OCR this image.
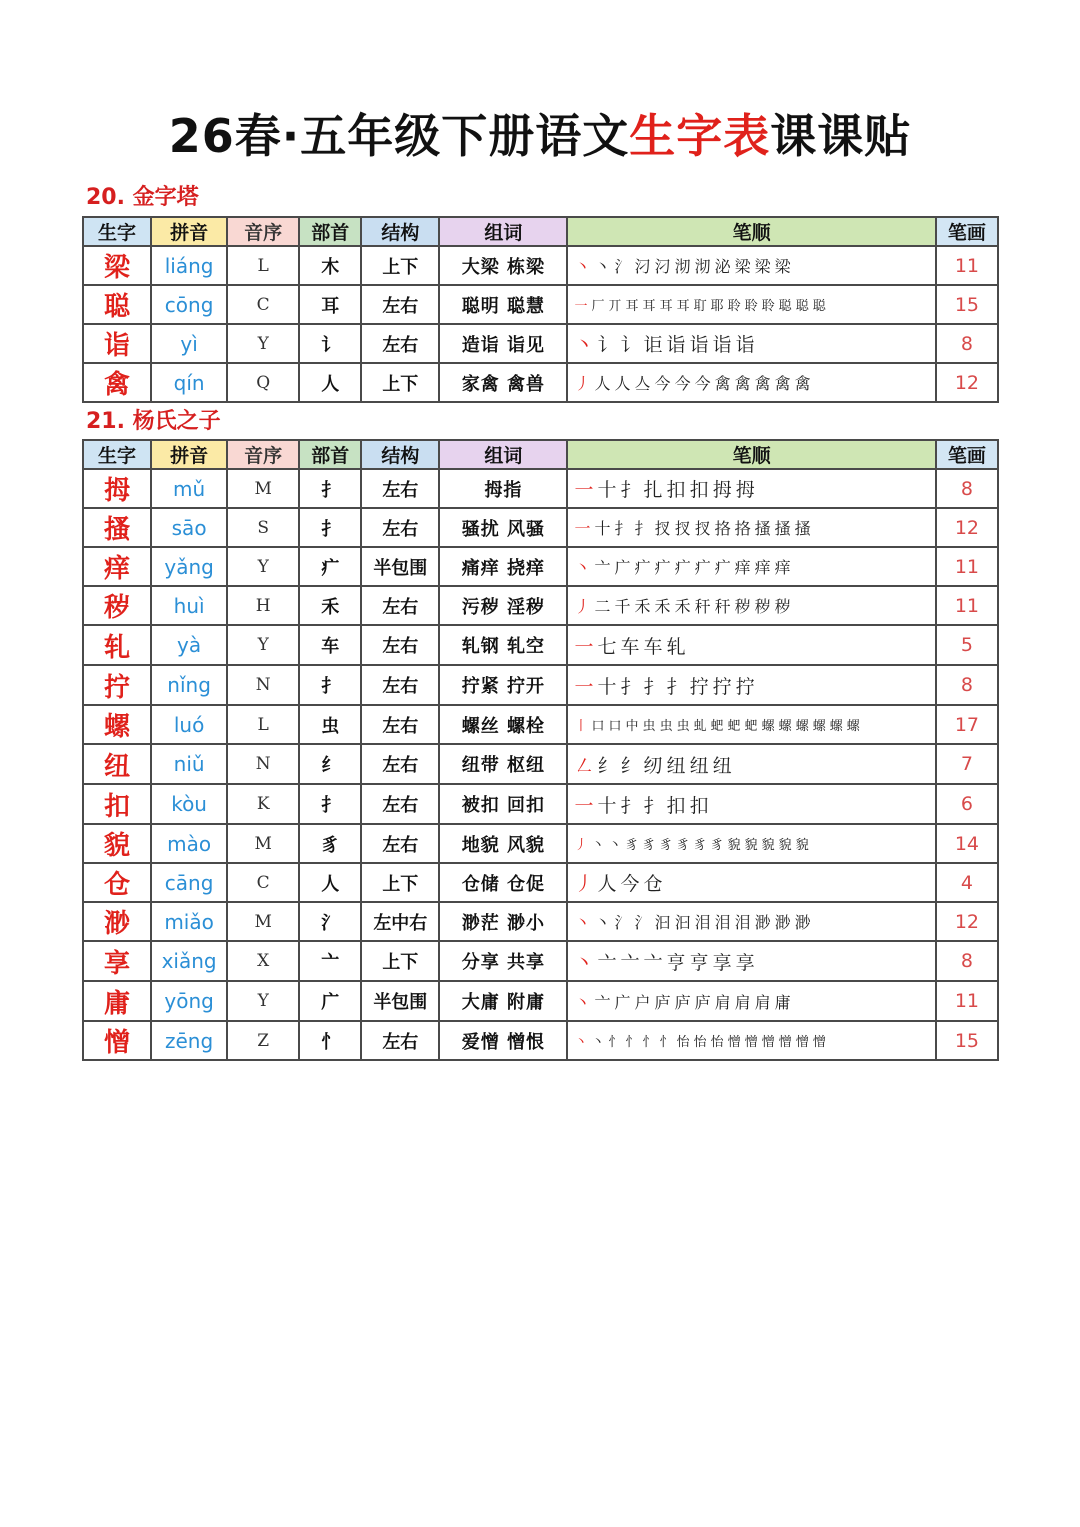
26春·五年级下册语文生字表课课贴
20. 金字塔
生字	拼音	音序	部首	结构	组词	笔顺	笔画
梁	liáng	L	木	上下	大梁 栋梁	丶 丶 氵 汈 汈 沏 沏 泌 梁 梁 梁	11
聪	cōng	C	耳	左右	聪明 聪慧	一 厂 丌 耳 耳 耳 耳 耵 耶 聆 聆 聆 聪 聪 聪	15
诣	yì	Y	讠	左右	造诣 诣见	丶 讠 讠 讵 诣 诣 诣 诣	8
禽	qín	Q	人	上下	家禽 禽兽	丿 人 人 亼 今 今 今 禽 禽 禽 禽 禽	12
21. 杨氏之子
生字	拼音	音序	部首	结构	组词	笔顺	笔画
拇	mǔ	M	扌	左右	拇指	一 十 扌 扎 扣 扣 拇 拇	8
搔	sāo	S	扌	左右	骚扰 风骚	一 十 扌 扌 扠 扠 扠 挌 挌 搔 搔 搔	12
痒	yǎng	Y	疒	半包围	痛痒 挠痒	丶 亠 广 疒 疒 疒 疒 疒 痒 痒 痒	11
秽	huì	H	禾	左右	污秽 淫秽	丿 二 千 禾 禾 禾 秆 秆 秽 秽 秽	11
轧	yà	Y	车	左右	轧钢 轧空	一 七 车 车 轧	5
拧	nǐng	N	扌	左右	拧紧 拧开	一 十 扌 扌 扌 拧 拧 拧	8
螺	luó	L	虫	左右	螺丝 螺栓	丨 口 口 中 虫 虫 虫 虬 蚆 蚆 蚆 螺 螺 螺 螺 螺 螺	17
纽	niǔ	N	纟	左右	纽带 枢纽	㇜ 纟 纟 纫 纽 纽 纽	7
扣	kòu	K	扌	左右	被扣 回扣	一 十 扌 扌 扣 扣	6
貌	mào	M	豸	左右	地貌 风貌	丿 丶 丶 豸 豸 豸 豸 豸 豸 貌 貌 貌 貌 貌	14
仓	cāng	C	人	上下	仓储 仓促	丿 人 今 仓	4
渺	miǎo	M	氵	左中右	渺茫 渺小	丶 丶 氵 氵 汩 汩 泪 泪 泪 渺 渺 渺	12
享	xiǎng	X	亠	上下	分享 共享	丶 亠 亠 亠 亨 亨 享 享	8
庸	yōng	Y	广	半包围	大庸 附庸	丶 亠 广 户 庐 庐 庐 肩 肩 肩 庸	11
憎	zēng	Z	忄	左右	爱憎 憎恨	丶 丶 忄 忄 忄 忄 怡 怡 怡 憎 憎 憎 憎 憎 憎	15
